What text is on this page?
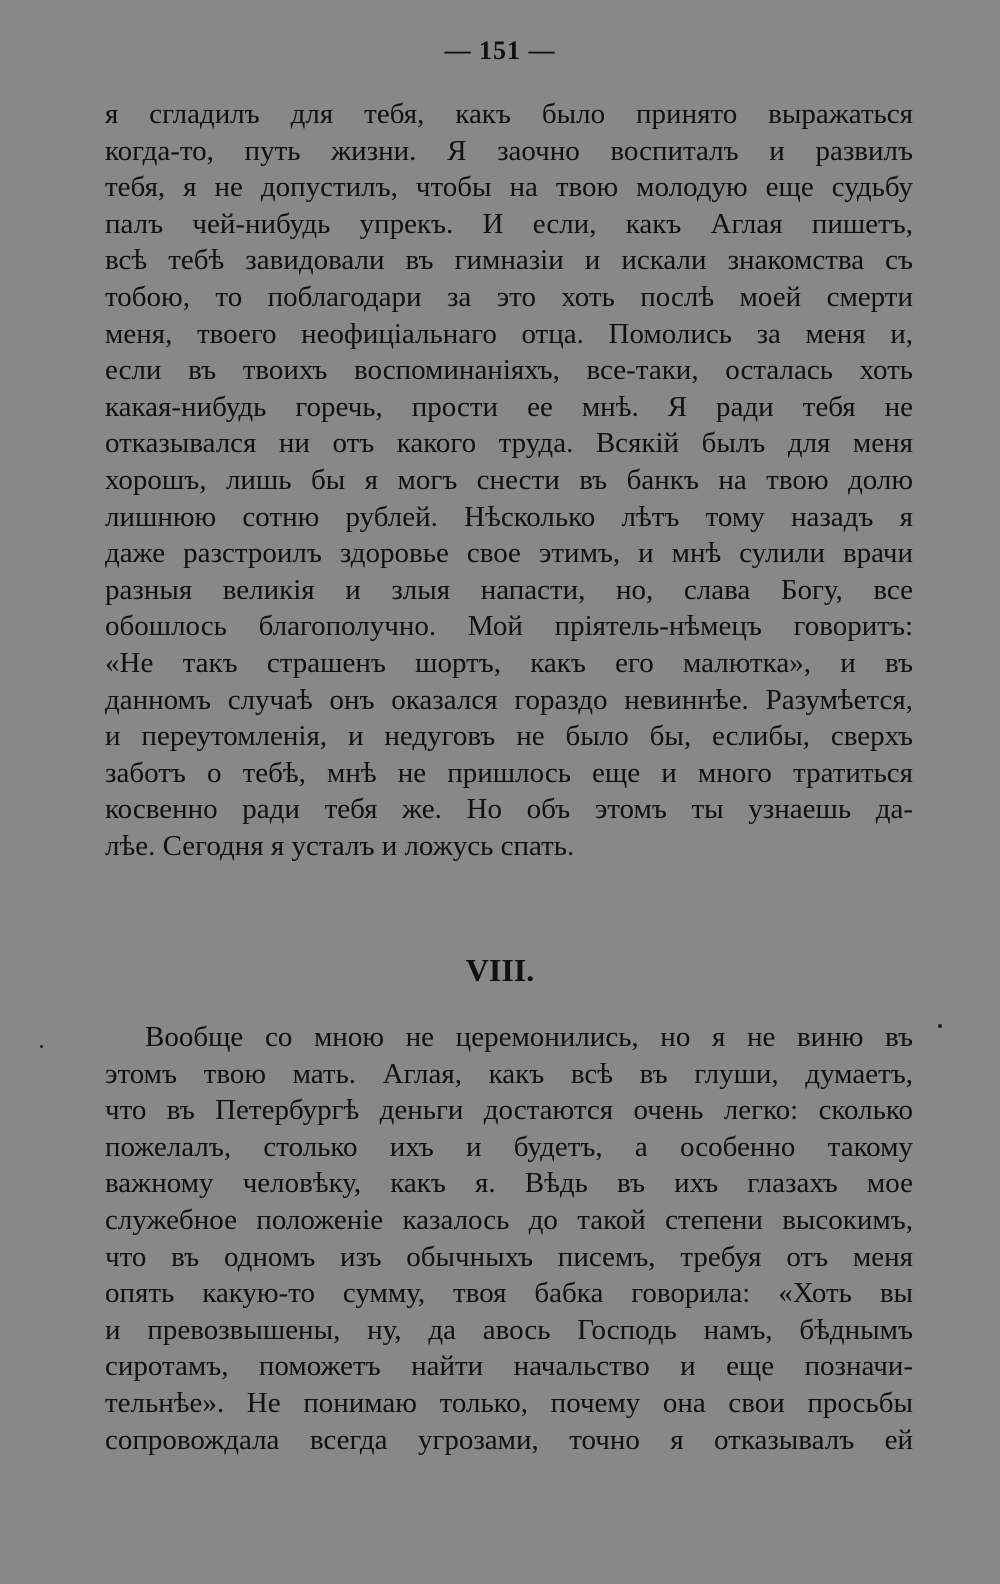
— 151 —
я сгладилъ для тебя, какъ было принято выражаться
когда-то, путь жизни. Я заочно воспиталъ и развилъ
тебя, я не допустилъ, чтобы на твою молодую еще судьбу
палъ чей-нибудь упрекъ. И если, какъ Аглая пишетъ,
всѣ тебѣ завидовали въ гимназіи и искали знакомства съ
тобою, то поблагодари за это хоть послѣ моей смерти
меня, твоего неофиціальнаго отца. Помолись за меня и,
если въ твоихъ воспоминаніяхъ, все-таки, осталась хоть
какая-нибудь горечь, прости ее мнѣ. Я ради тебя не
отказывался ни отъ какого труда. Всякій былъ для меня
хорошъ, лишь бы я могъ снести въ банкъ на твою долю
лишнюю сотню рублей. Нѣсколько лѣтъ тому назадъ я
даже разстроилъ здоровье свое этимъ, и мнѣ сулили врачи
разныя великія и злыя напасти, но, слава Богу, все
обошлось благополучно. Мой пріятель-нѣмецъ говоритъ:
«Не такъ страшенъ шортъ, какъ его малютка», и въ
данномъ случаѣ онъ оказался гораздо невиннѣе. Разумѣется,
и переутомленія, и недуговъ не было бы, еслибы, сверхъ
заботъ о тебѣ, мнѣ не пришлось еще и много тратиться
косвенно ради тебя же. Но объ этомъ ты узнаешь да-
лѣе. Сегодня я усталъ и ложусь спать.
VIII.
Вообще со мною не церемонились, но я не виню въ
этомъ твою мать. Аглая, какъ всѣ въ глуши, думаетъ,
что въ Петербургѣ деньги достаются очень легко: сколько
пожелалъ, столько ихъ и будетъ, а особенно такому
важному человѣку, какъ я. Вѣдь въ ихъ глазахъ мое
служебное положеніе казалось до такой степени высокимъ,
что въ одномъ изъ обычныхъ писемъ, требуя отъ меня
опять какую-то сумму, твоя бабка говорила: «Хоть вы
и превозвышены, ну, да авось Господь намъ, бѣднымъ
сиротамъ, поможетъ найти начальство и еще позначи-
тельнѣе». Не понимаю только, почему она свои просьбы
сопровождала всегда угрозами, точно я отказывалъ ей
